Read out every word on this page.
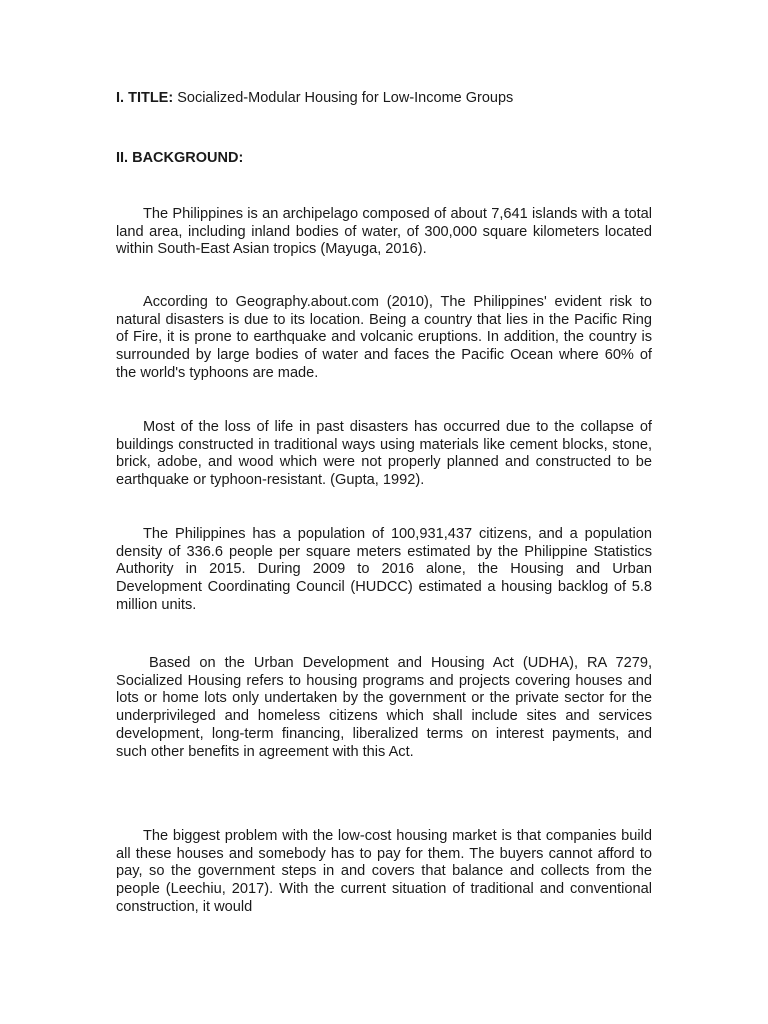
I. TITLE: Socialized-Modular Housing for Low-Income Groups
II. BACKGROUND:

The Philippines is an archipelago composed of about 7,641 islands with a total land area, including inland bodies of water, of 300,000 square kilometers located within South-East Asian tropics (Mayuga, 2016).

According to Geography.about.com (2010), The Philippines' evident risk to natural disasters is due to its location. Being a country that lies in the Pacific Ring of Fire, it is prone to earthquake and volcanic eruptions. In addition, the country is surrounded by large bodies of water and faces the Pacific Ocean where 60% of the world's typhoons are made.

Most of the loss of life in past disasters has occurred due to the collapse of buildings constructed in traditional ways using materials like cement blocks, stone, brick, adobe, and wood which were not properly planned and constructed to be earthquake or typhoon-resistant. (Gupta, 1992).

The Philippines has a population of 100,931,437 citizens, and a population density of 336.6 people per square meters estimated by the Philippine Statistics Authority in 2015. During 2009 to 2016 alone, the Housing and Urban Development Coordinating Council (HUDCC) estimated a housing backlog of 5.8 million units.

Based on the Urban Development and Housing Act (UDHA), RA 7279, Socialized Housing refers to housing programs and projects covering houses and lots or home lots only undertaken by the government or the private sector for the underprivileged and homeless citizens which shall include sites and services development, long-term financing, liberalized terms on interest payments, and such other benefits in agreement with this Act.

The biggest problem with the low-cost housing market is that companies build all these houses and somebody has to pay for them. The buyers cannot afford to pay, so the government steps in and covers that balance and collects from the people (Leechiu, 2017). With the current situation of traditional and conventional construction, it would
